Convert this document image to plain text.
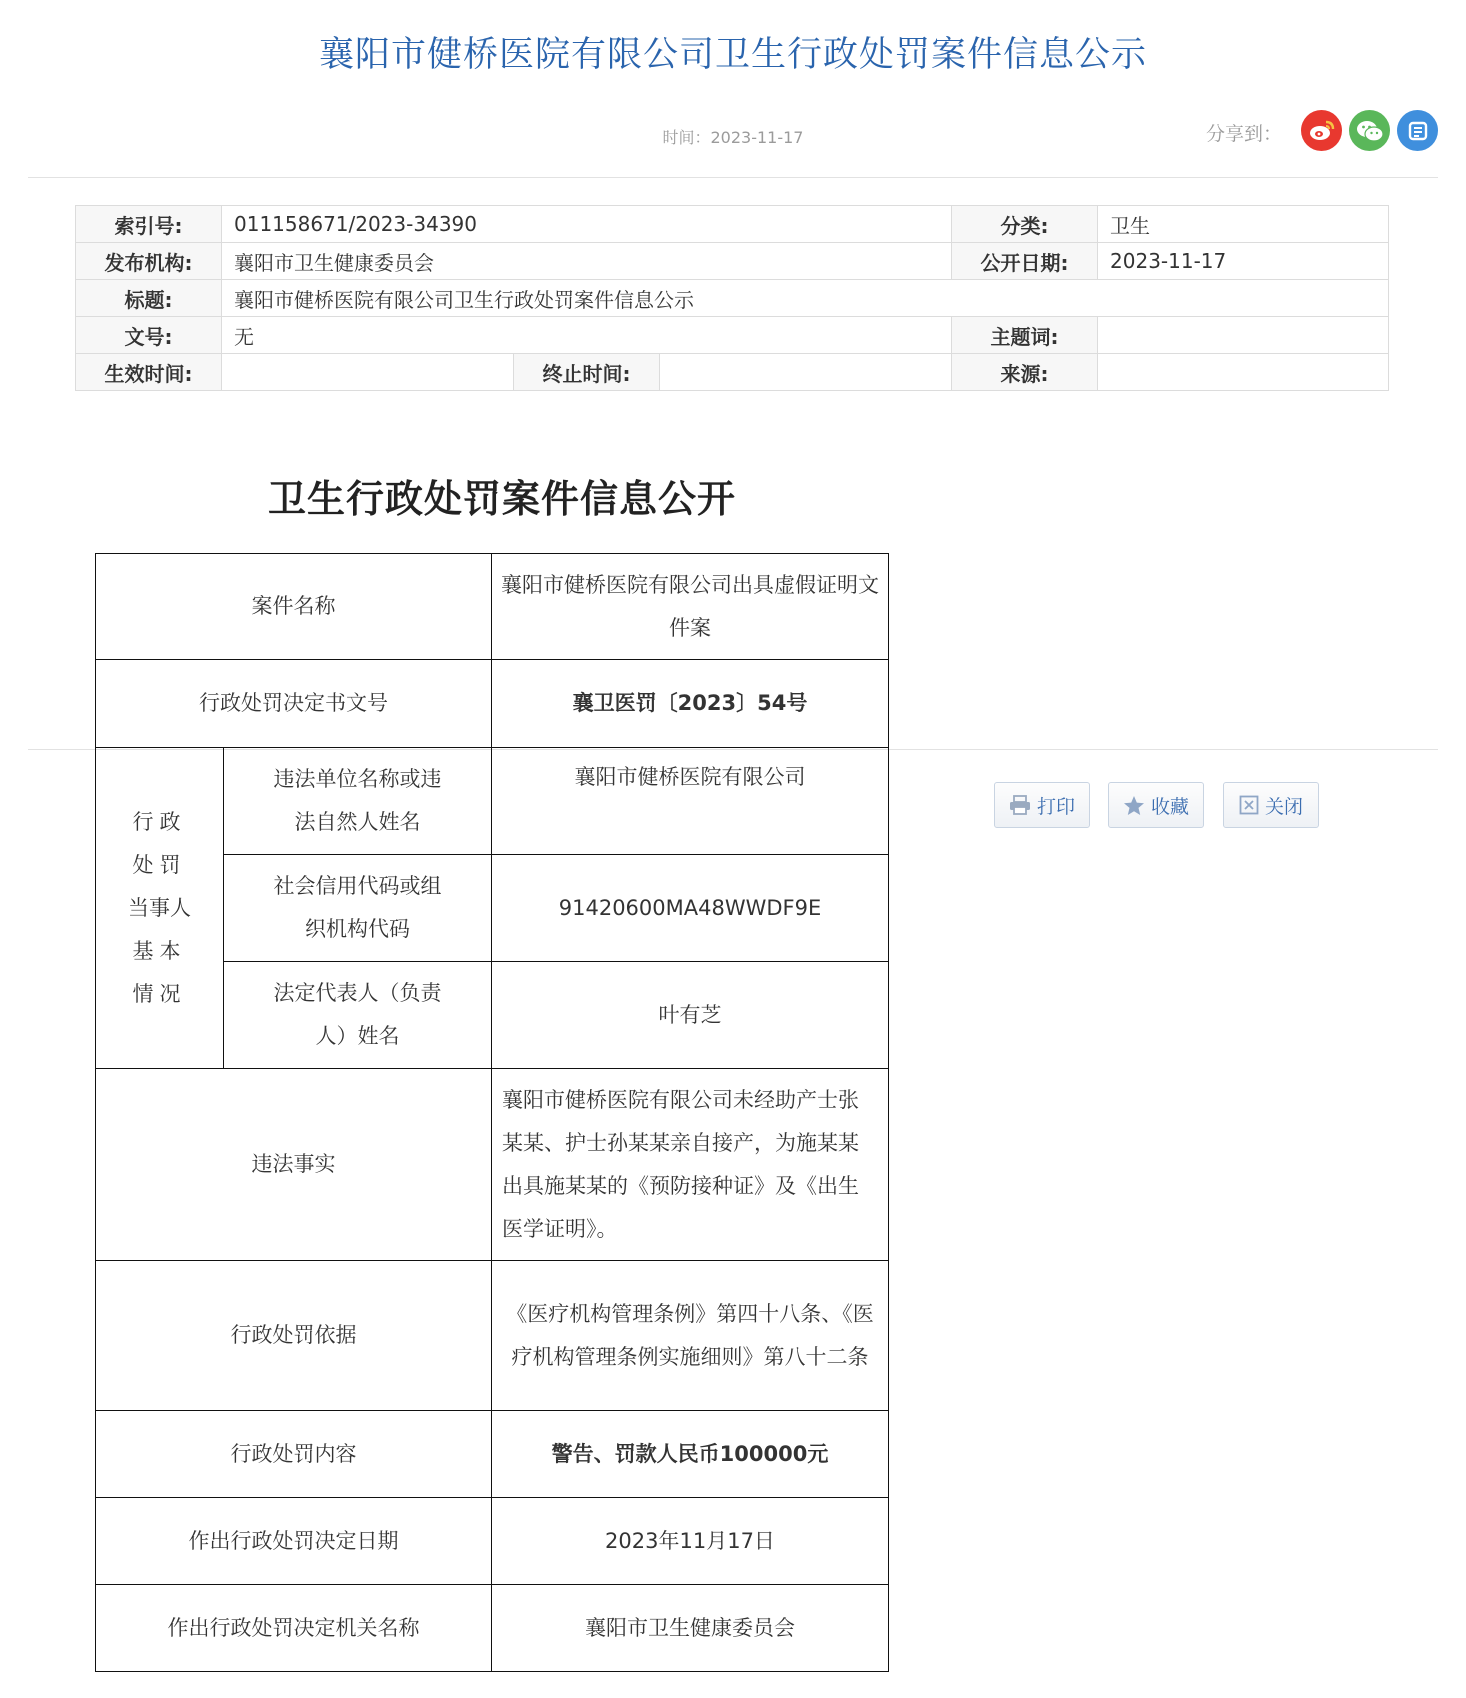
襄阳市健桥医院有限公司卫生行政处罚案件信息公示
时间：2023-11-17	分享到：
索引号:	011158671/2023-34390			分类:	卫生
发布机构:	襄阳市卫生健康委员会			公开日期:	2023-11-17
标题:	襄阳市健桥医院有限公司卫生行政处罚案件信息公示				
文号:	无			主题词:	
生效时间:		终止时间:		来源:	
卫生行政处罚案件信息公开
案件名称		襄阳市健桥医院有限公司出具虚假证明文件案
行政处罚决定书文号		襄卫医罚〔2023〕54号

行政
处罚
当事人
基本
情况	违法单位名称或违法自然人姓名	襄阳市健桥医院有限公司
	社会信用代码或组织机构代码	91420600MA48WWDF9E
	法定代表人（负责人）姓名	叶有芝
违法事实		襄阳市健桥医院有限公司未经助产士张某某、护士孙某某亲自接产，为施某某出具施某某的《预防接种证》及《出生医学证明》。
行政处罚依据		《医疗机构管理条例》第四十八条、《医疗机构管理条例实施细则》第八十二条
行政处罚内容		警告、罚款人民币100000元
作出行政处罚决定日期		2023年11月17日
作出行政处罚决定机关名称		襄阳市卫生健康委员会
打印	收藏	关闭
